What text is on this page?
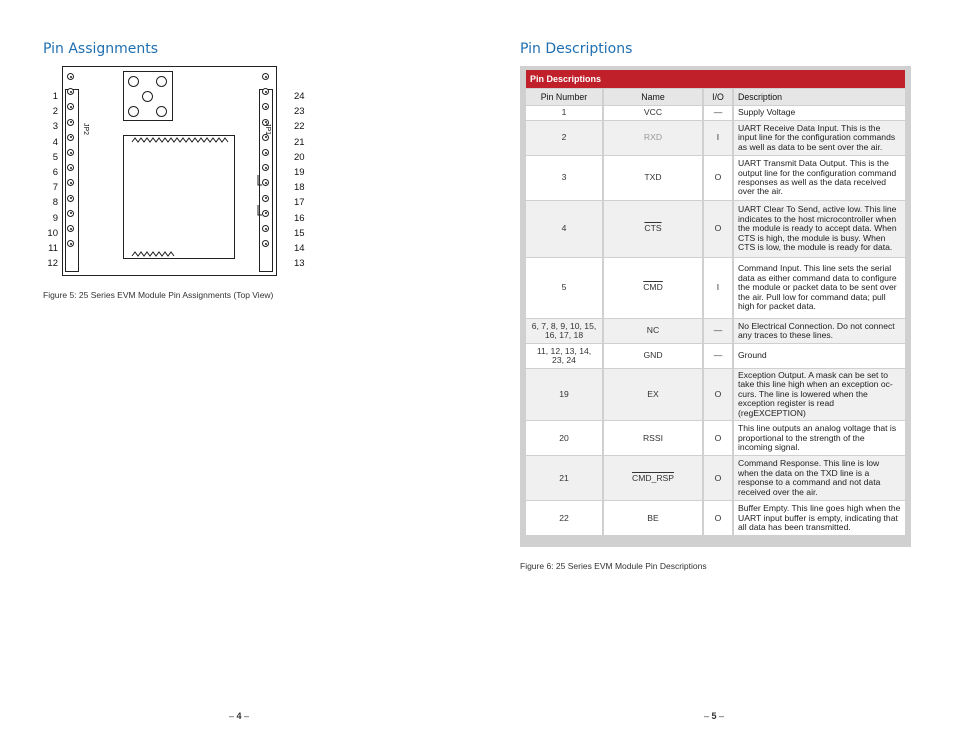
Pin Assignments
1
2
3
4
5
6
7
8
9
10
11
12
JP2	JP1
24
23
22
21
20
19
18
17
16
15
14
13
Figure 5: 25 Series EVM Module Pin Assignments (Top View)
– 4 –
Pin Descriptions
Pin Descriptions			
Pin Number	Name	I/O	Description
1	VCC	—	Supply Voltage
2	RXD	I	UART Receive Data Input. This is the input line for the configuration commands as well as data to be sent over the air.
3	TXD	O	UART Transmit Data Output. This is the output line for the configuration command responses as well as the data received over the air.
4	$\overline{CTS}$	O	UART Clear To Send, active low. This line indicates to the host microcontroller when the module is ready to accept data. When CTS is high, the module is busy. When CTS is low, the module is ready for data.
5	$\overline{CMD}$	I	Command Input. This line sets the serial data as either command data to configure the module or packet data to be sent over the air. Pull low for command data; pull high for packet data.
6, 7, 8, 9, 10, 15, 16, 17, 18	NC	—	No Electrical Connection. Do not connect any traces to these lines.
11, 12, 13, 14, 23, 24	GND	—	Ground
19	EX	O	Exception Output. A mask can be set to take this line high when an exception oc-curs. The line is lowered when the exception register is read (regEXCEPTION)
20	RSSI	O	This line outputs an analog voltage that is proportional to the strength of the incoming signal.
21	CMD_RSP	O	Command Response. This line is low when the data on the TXD line is a response to a command and not data received over the air.
22	BE	O	Buffer Empty. This line goes high when the UART input buffer is empty, indicating that all data has been transmitted.
Figure 6: 25 Series EVM Module Pin Descriptions
– 5 –
